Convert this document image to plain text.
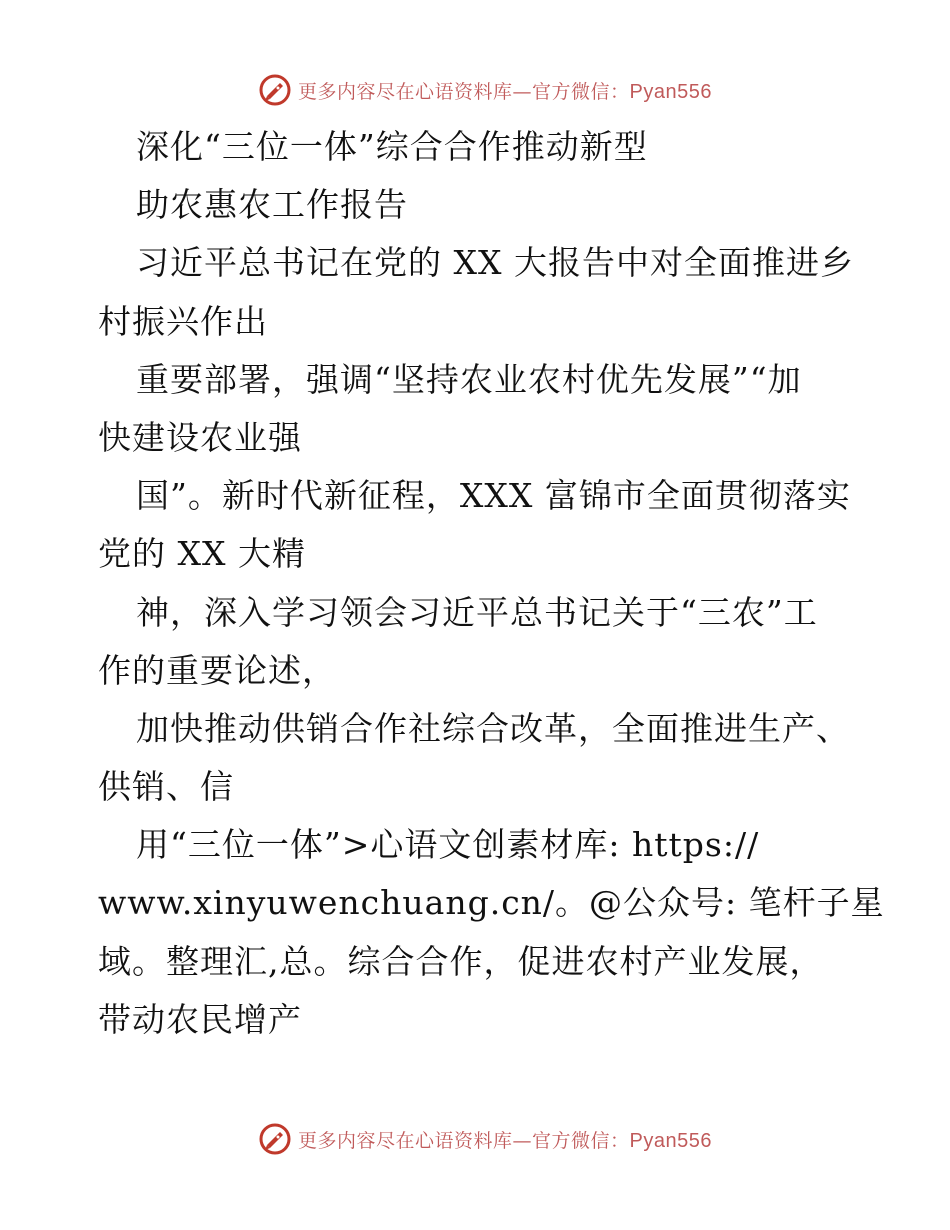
更多内容尽在心语资料库—官方微信：Pyan556
深化“三位一体”综合合作推动新型
助农惠农工作报告
习近平总书记在党的 XX 大报告中对全面推进乡
村振兴作出
重要部署，强调“坚持农业农村优先发展”“加
快建设农业强
国”。新时代新征程，XXX 富锦市全面贯彻落实
党的 XX 大精
神，深入学习领会习近平总书记关于“三农”工
作的重要论述，
加快推动供销合作社综合改革，全面推进生产、
供销、信
用“三位一体”>心语文创素材库: https://
www.xinyuwenchuang.cn/。@公众号: 笔杆子星
域。整理汇,总。综合合作，促进农村产业发展，
带动农民增产
更多内容尽在心语资料库—官方微信：Pyan556
